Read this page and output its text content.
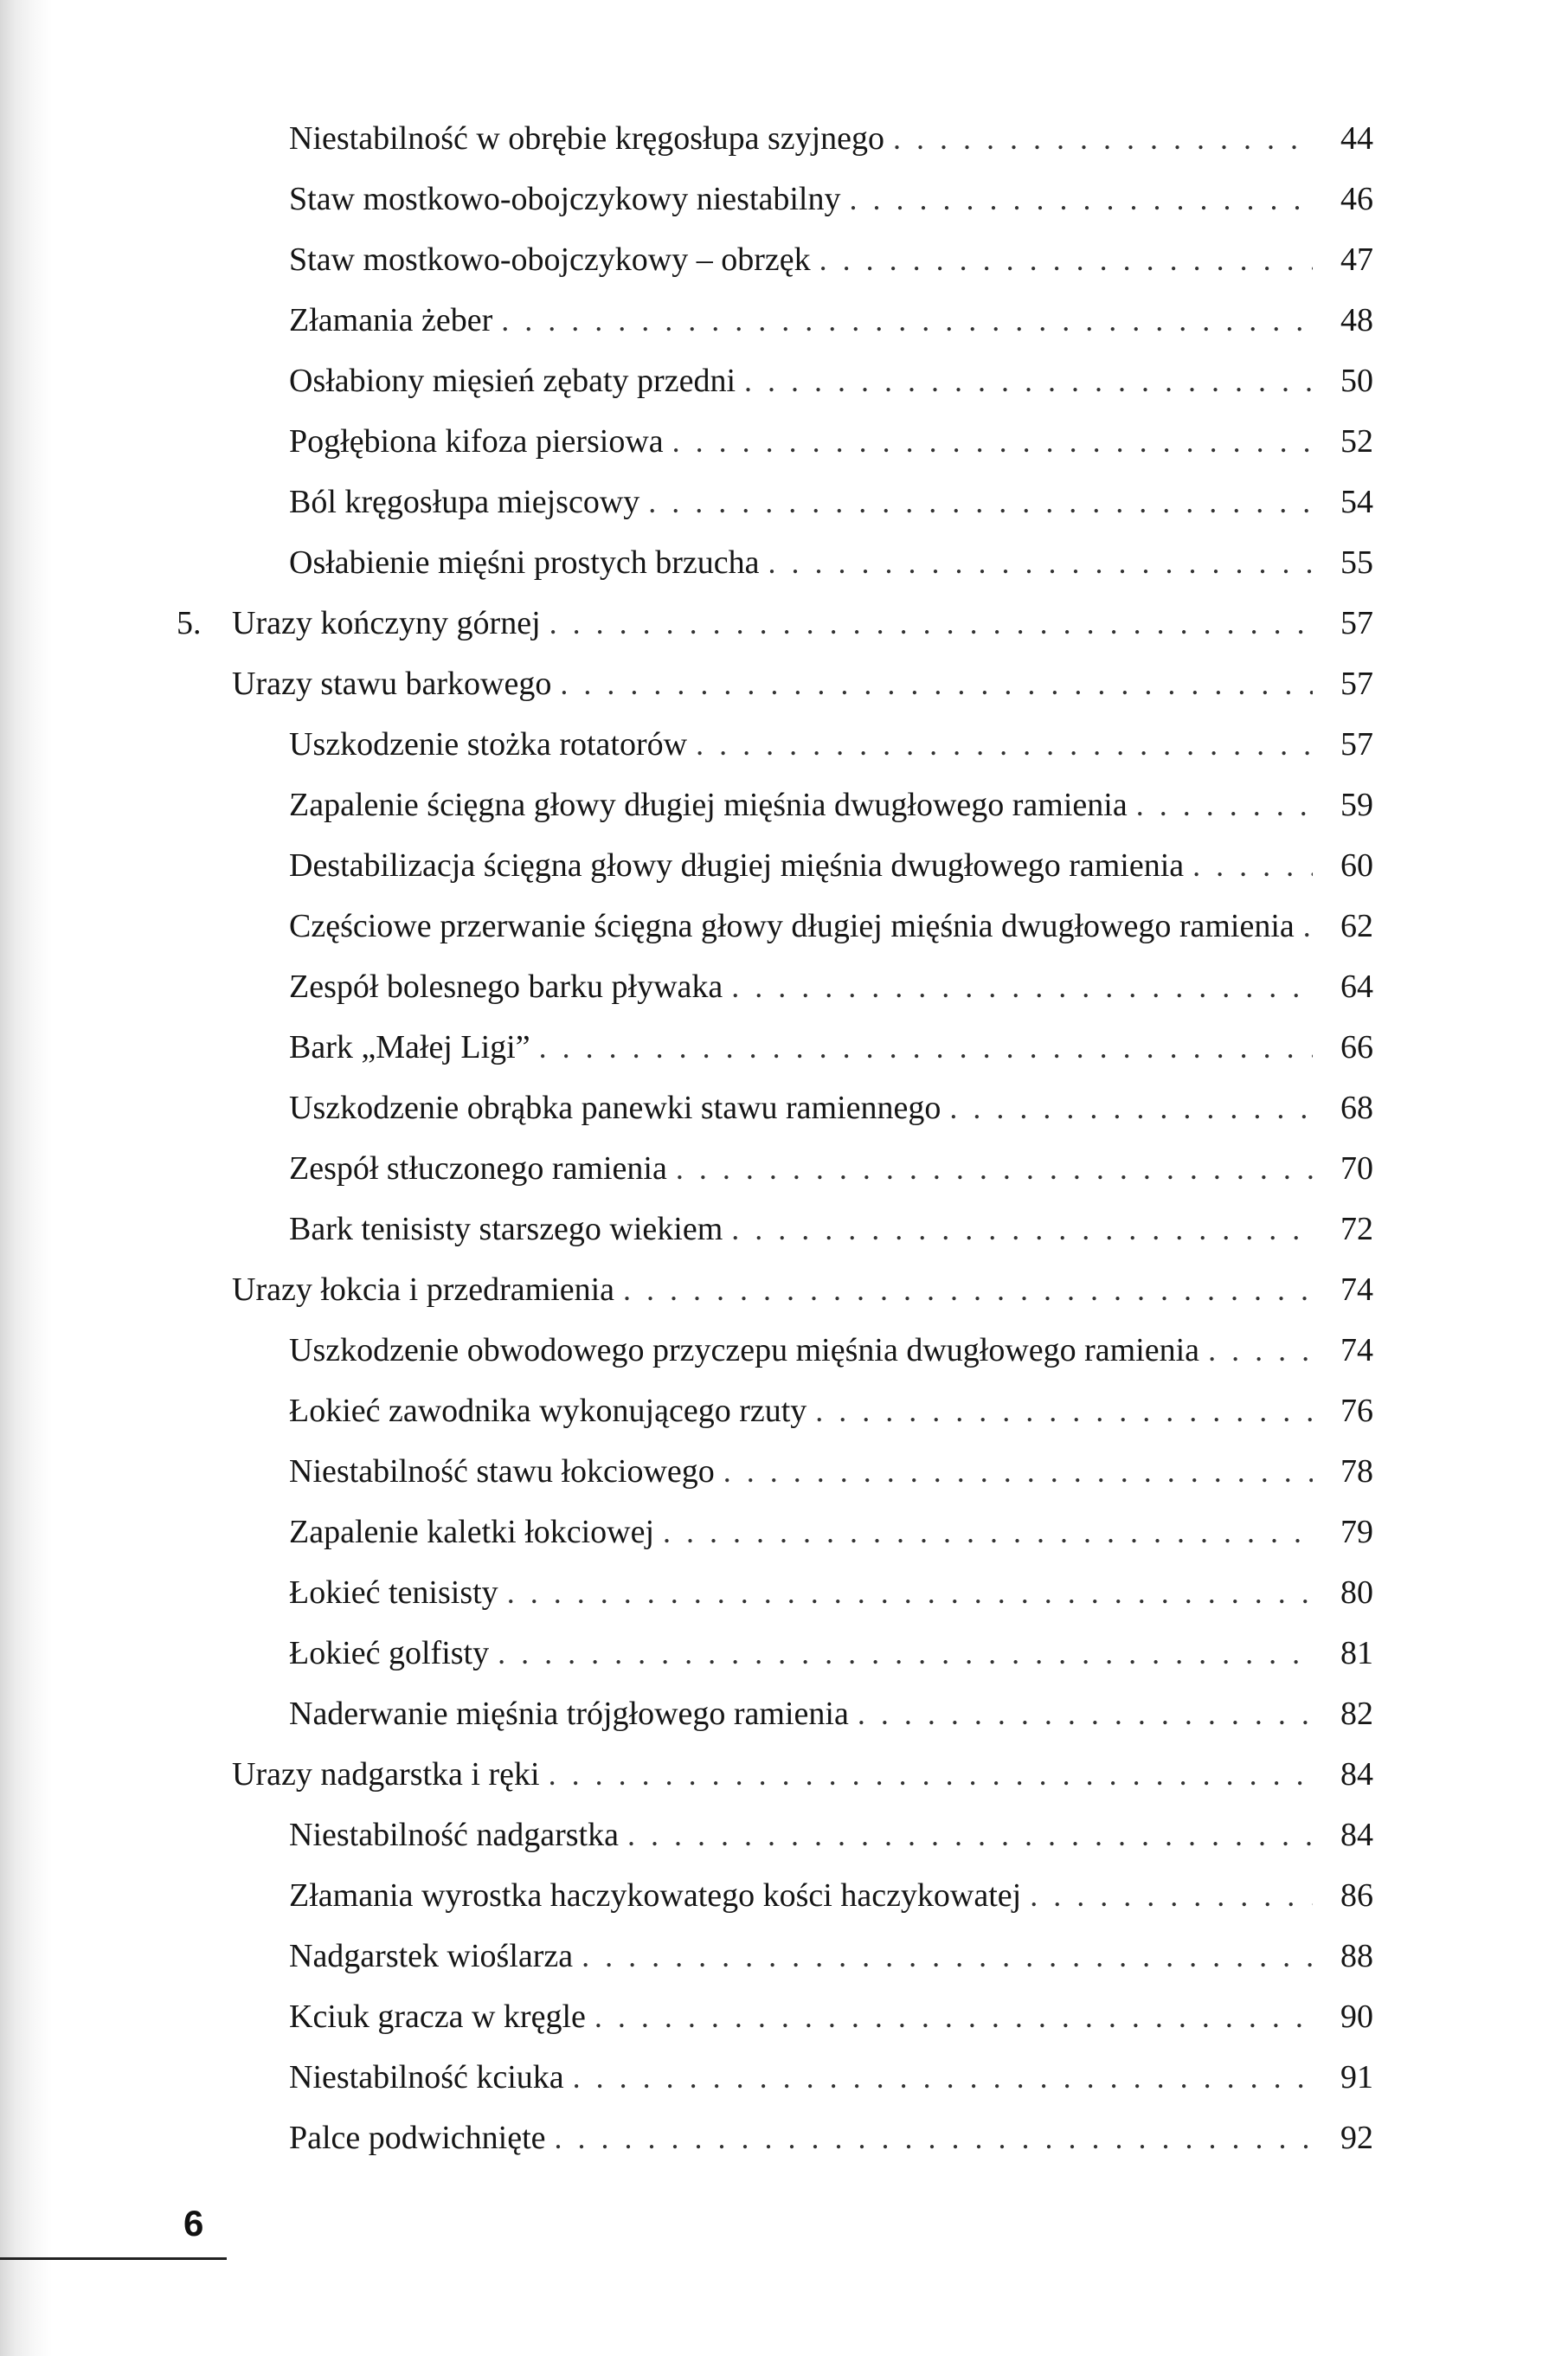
Niestabilność w obrębie kręgosłupa szyjnego . . .	44
Staw mostkowo-obojczykowy niestabilny . . .	46
Staw mostkowo-obojczykowy – obrzęk . . .	47
Złamania żeber . . .	48
Osłabiony mięsień zębaty przedni . . .	50
Pogłębiona kifoza piersiowa . . .	52
Ból kręgosłupa miejscowy . . .	54
Osłabienie mięśni prostych brzucha . . .	55
5. Urazy kończyny górnej . . .	57
Urazy stawu barkowego . . .	57
Uszkodzenie stożka rotatorów . . .	57
Zapalenie ścięgna głowy długiej mięśnia dwugłowego ramienia . . .	59
Destabilizacja ścięgna głowy długiej mięśnia dwugłowego ramienia . . .	60
Częściowe przerwanie ścięgna głowy długiej mięśnia dwugłowego ramienia . . .	62
Zespół bolesnego barku pływaka . . .	64
Bark „Małej Ligi” . . .	66
Uszkodzenie obrąbka panewki stawu ramiennego . . .	68
Zespół stłuczonego ramienia . . .	70
Bark tenisisty starszego wiekiem . . .	72
Urazy łokcia i przedramienia . . .	74
Uszkodzenie obwodowego przyczepu mięśnia dwugłowego ramienia . . .	74
Łokieć zawodnika wykonującego rzuty . . .	76
Niestabilność stawu łokciowego . . .	78
Zapalenie kaletki łokciowej . . .	79
Łokieć tenisisty . . .	80
Łokieć golfisty . . .	81
Naderwanie mięśnia trójgłowego ramienia . . .	82
Urazy nadgarstka i ręki . . .	84
Niestabilność nadgarstka . . .	84
Złamania wyrostka haczykowatego kości haczykowatej . . .	86
Nadgarstek wioślarza . . .	88
Kciuk gracza w kręgle . . .	90
Niestabilność kciuka . . .	91
Palce podwichnięte . . .	92
6
